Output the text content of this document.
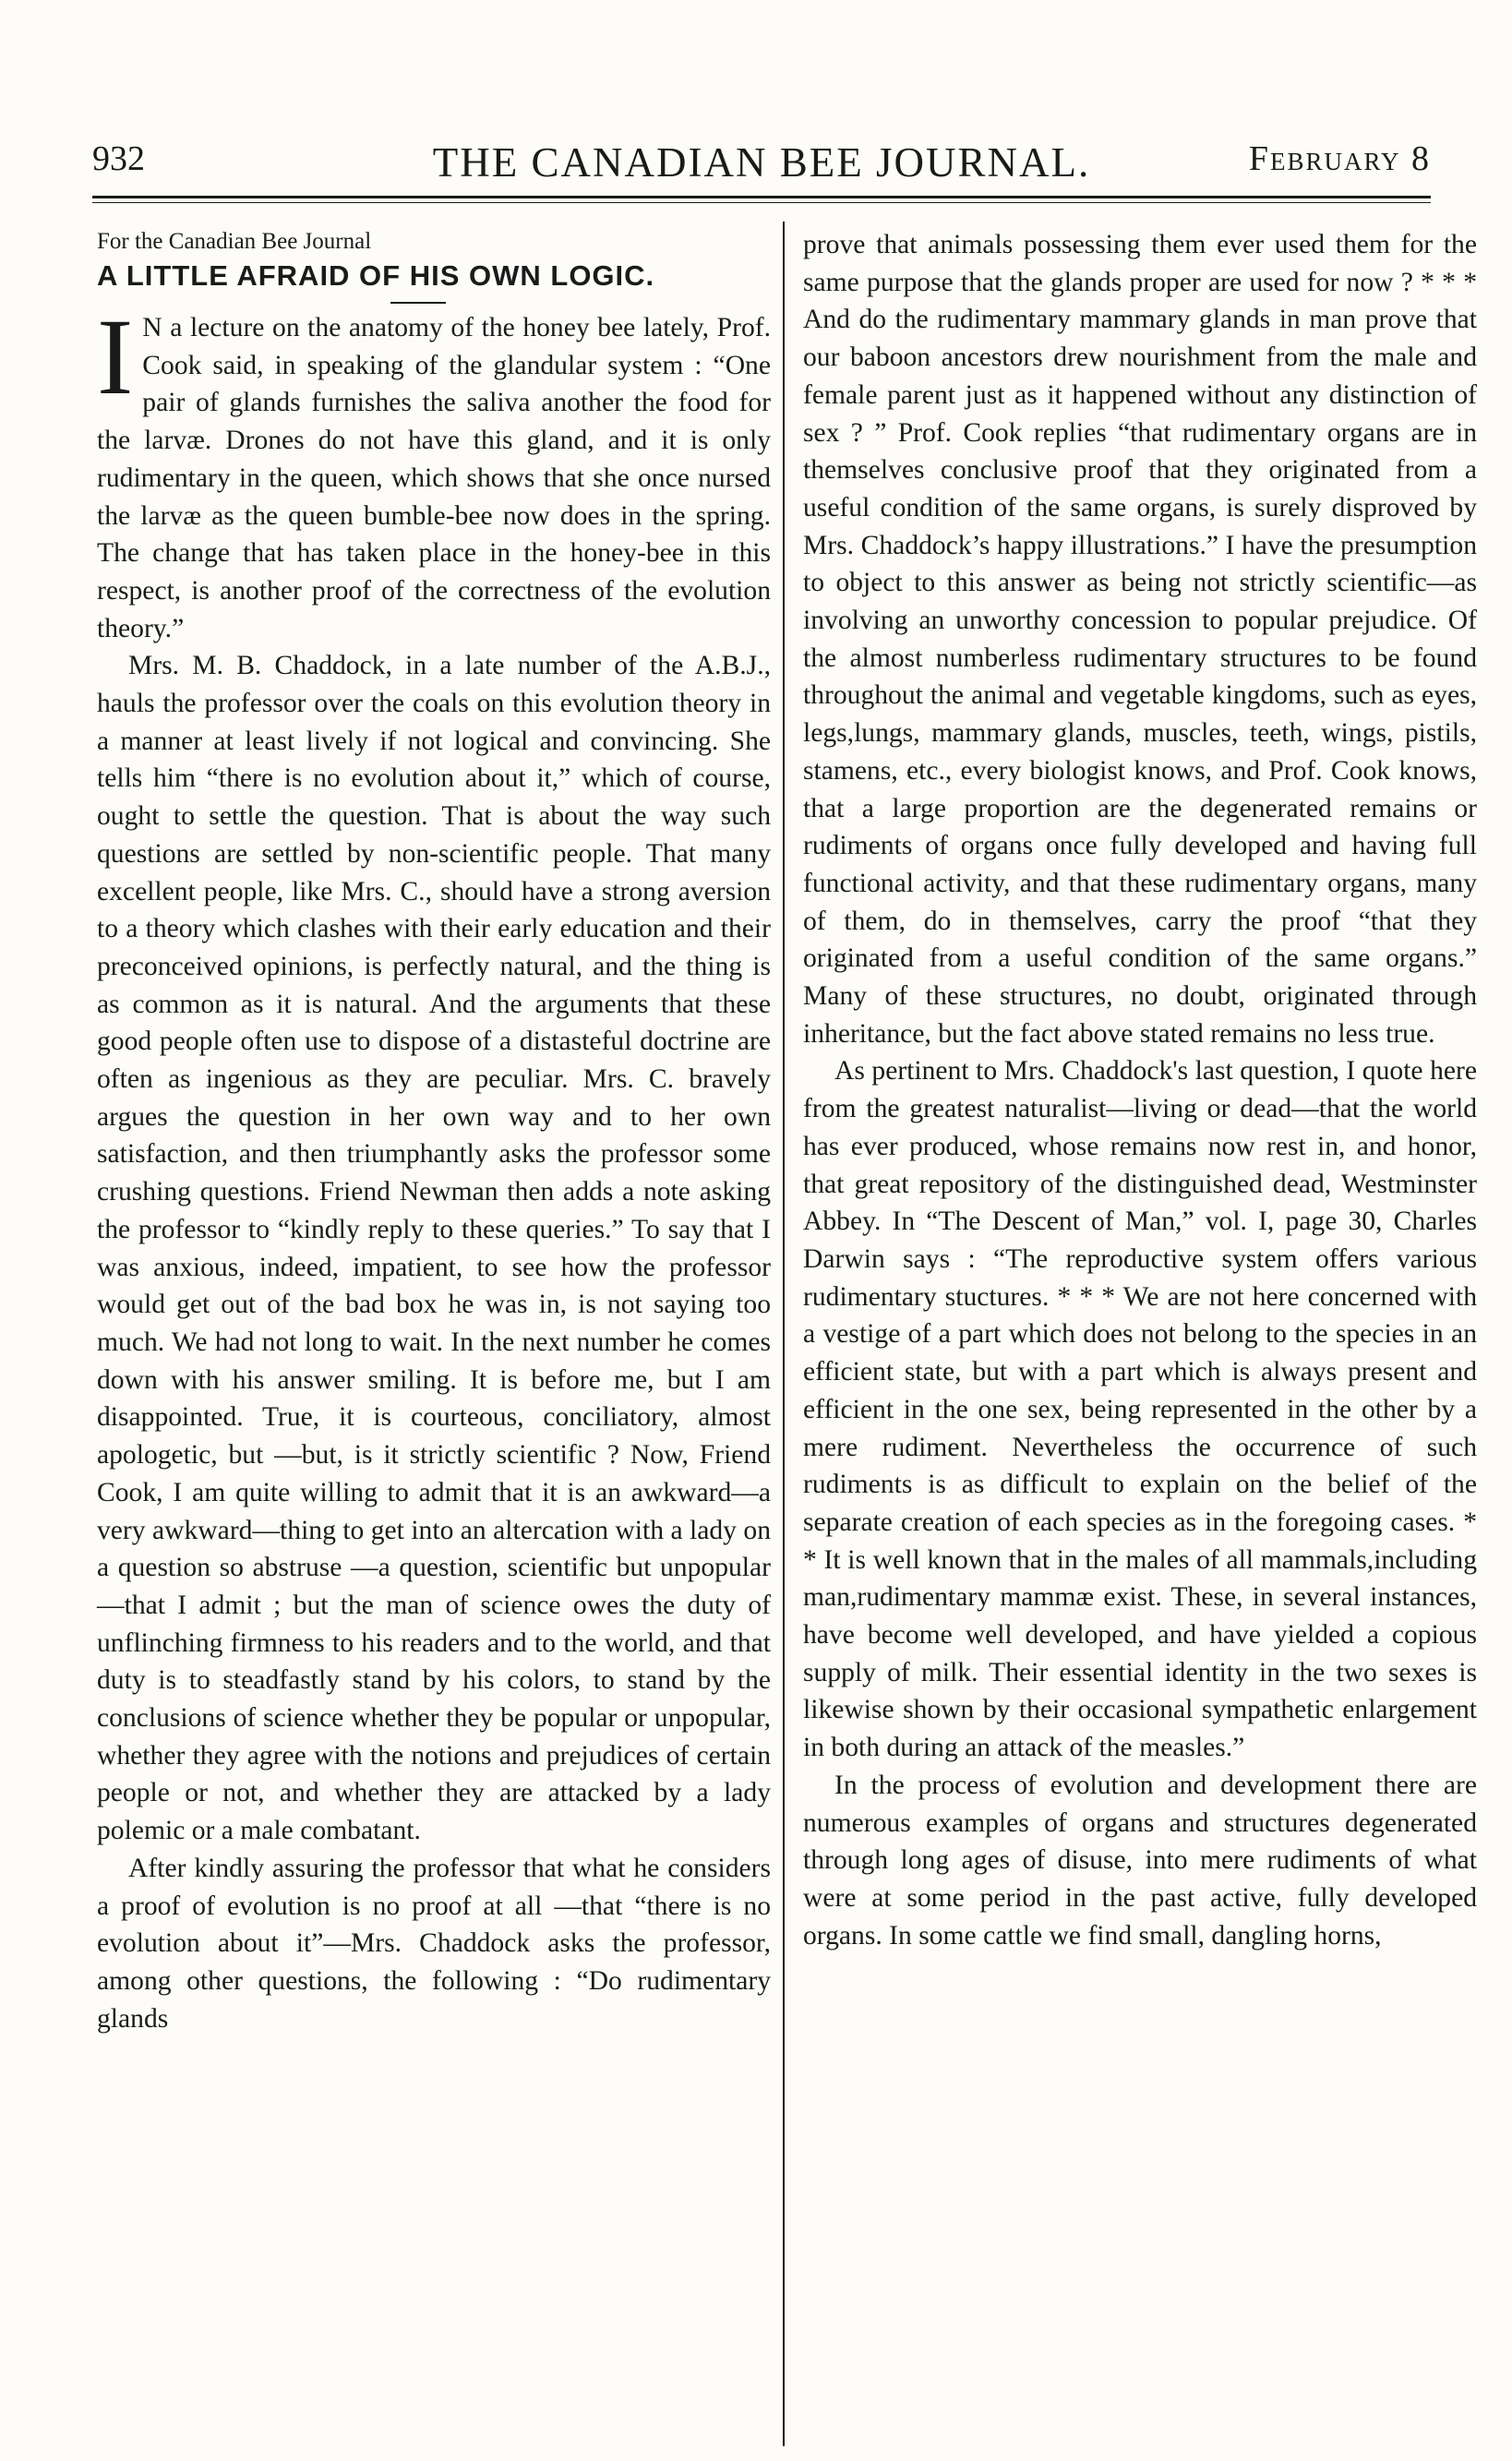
932	THE CANADIAN BEE JOURNAL.	February 8

For the Canadian Bee Journal

A LITTLE AFRAID OF HIS OWN LOGIC.

I N a lecture on the anatomy of the honey bee lately, Prof. Cook said, in speaking of the glandular system : “One pair of glands furnishes the saliva another the food for the larvæ. Drones do not have this gland, and it is only rudimentary in the queen, which shows that she once nursed the larvæ as the queen bumble-bee now does in the spring. The change that has taken place in the honey-bee in this respect, is another proof of the correctness of the evolution theory.”

Mrs. M. B. Chaddock, in a late number of the A.B.J., hauls the professor over the coals on this evolution theory in a manner at least lively if not logical and convincing. She tells him “there is no evolution about it,” which of course, ought to settle the question. That is about the way such questions are settled by non-scientific people. That many excellent people, like Mrs. C., should have a strong aversion to a theory which clashes with their early education and their preconceived opinions, is perfectly natural, and the thing is as common as it is natural. And the arguments that these good people often use to dispose of a distasteful doctrine are often as ingenious as they are peculiar. Mrs. C. bravely argues the question in her own way and to her own satisfaction, and then triumphantly asks the professor some crushing questions. Friend Newman then adds a note asking the professor to “kindly reply to these queries.” To say that I was anxious, indeed, impatient, to see how the professor would get out of the bad box he was in, is not saying too much. We had not long to wait. In the next number he comes down with his answer smiling. It is before me, but I am disappointed. True, it is courteous, conciliatory, almost apologetic, but —but, is it strictly scientific ? Now, Friend Cook, I am quite willing to admit that it is an awkward—a very awkward—thing to get into an altercation with a lady on a question so abstruse —a question, scientific but unpopular—that I admit ; but the man of science owes the duty of unflinching firmness to his readers and to the world, and that duty is to steadfastly stand by his colors, to stand by the conclusions of science whether they be popular or unpopular, whether they agree with the notions and prejudices of certain people or not, and whether they are attacked by a lady polemic or a male combatant.

After kindly assuring the professor that what he considers a proof of evolution is no proof at all —that “there is no evolution about it”—Mrs. Chaddock asks the professor, among other questions, the following : “Do rudimentary glands

prove that animals possessing them ever used them for the same purpose that the glands proper are used for now ? * * * And do the rudimentary mammary glands in man prove that our baboon ancestors drew nourishment from the male and female parent just as it happened without any distinction of sex ? ” Prof. Cook replies “that rudimentary organs are in themselves conclusive proof that they originated from a useful condition of the same organs, is surely disproved by Mrs. Chaddock’s happy illustrations.” I have the presumption to object to this answer as being not strictly scientific—as involving an unworthy concession to popular prejudice. Of the almost numberless rudimentary structures to be found throughout the animal and vegetable kingdoms, such as eyes, legs,lungs, mammary glands, muscles, teeth, wings, pistils, stamens, etc., every biologist knows, and Prof. Cook knows, that a large proportion are the degenerated remains or rudiments of organs once fully developed and having full functional activity, and that these rudimentary organs, many of them, do in themselves, carry the proof “that they originated from a useful condition of the same organs.” Many of these structures, no doubt, originated through inheritance, but the fact above stated remains no less true.

As pertinent to Mrs. Chaddock's last question, I quote here from the greatest naturalist—living or dead—that the world has ever produced, whose remains now rest in, and honor, that great repository of the distinguished dead, Westminster Abbey. In “The Descent of Man,” vol. I, page 30, Charles Darwin says : “The reproductive system offers various rudimentary stuctures. * * * We are not here concerned with a vestige of a part which does not belong to the species in an efficient state, but with a part which is always present and efficient in the one sex, being represented in the other by a mere rudiment. Nevertheless the occurrence of such rudiments is as difficult to explain on the belief of the separate creation of each species as in the foregoing cases. * * It is well known that in the males of all mammals,including man,rudimentary mammæ exist. These, in several instances, have become well developed, and have yielded a copious supply of milk. Their essential identity in the two sexes is likewise shown by their occasional sympathetic enlargement in both during an attack of the measles.”

In the process of evolution and development there are numerous examples of organs and structures degenerated through long ages of disuse, into mere rudiments of what were at some period in the past active, fully developed organs. In some cattle we find small, dangling horns,
